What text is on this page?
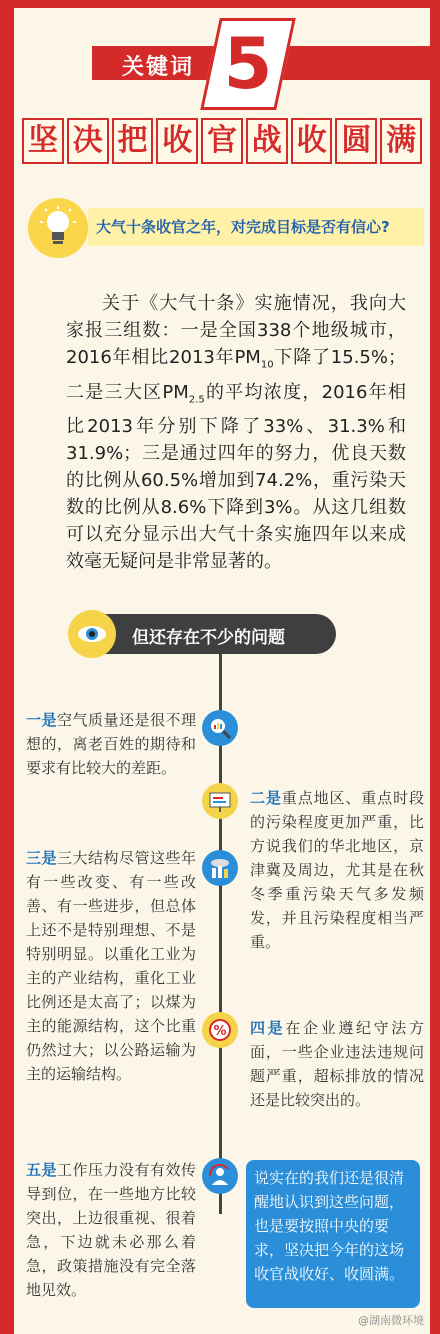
关键词 5
坚 决 把 收 官 战 收 圆 满
大气十条收官之年，对完成目标是否有信心?

关于《大气十条》实施情况，我向大家报三组数：一是全国338个地级城市，2016年相比2013年$PM_{10}$下降了15.5%；二是三大区$PM_{2.5}$的平均浓度，2016年相比2013年分别下降了33%、31.3%和31.9%；三是通过四年的努力，优良天数的比例从60.5%增加到74.2%，重污染天数的比例从8.6%下降到3%。从这几组数可以充分显示出大气十条实施四年以来成效毫无疑问是非常显著的。

但还存在不少的问题
%
一是空气质量还是很不理想的，离老百姓的期待和要求有比较大的差距。
二是重点地区、重点时段的污染程度更加严重，比方说我们的华北地区，京津冀及周边，尤其是在秋冬季重污染天气多发频发，并且污染程度相当严重。
三是三大结构尽管这些年有一些改变、有一些改善、有一些进步，但总体上还不是特别理想、不是特别明显。以重化工业为主的产业结构，重化工业比例还是太高了；以煤为主的能源结构，这个比重仍然过大；以公路运输为主的运输结构。
四是在企业遵纪守法方面，一些企业违法违规问题严重，超标排放的情况还是比较突出的。
五是工作压力没有有效传导到位，在一些地方比较突出，上边很重视、很着急，下边就未必那么着急，政策措施没有完全落地见效。
说实在的我们还是很清醒地认识到这些问题，也是要按照中央的要求，坚决把今年的这场收官战收好、收圆满。
@湖南微环境
